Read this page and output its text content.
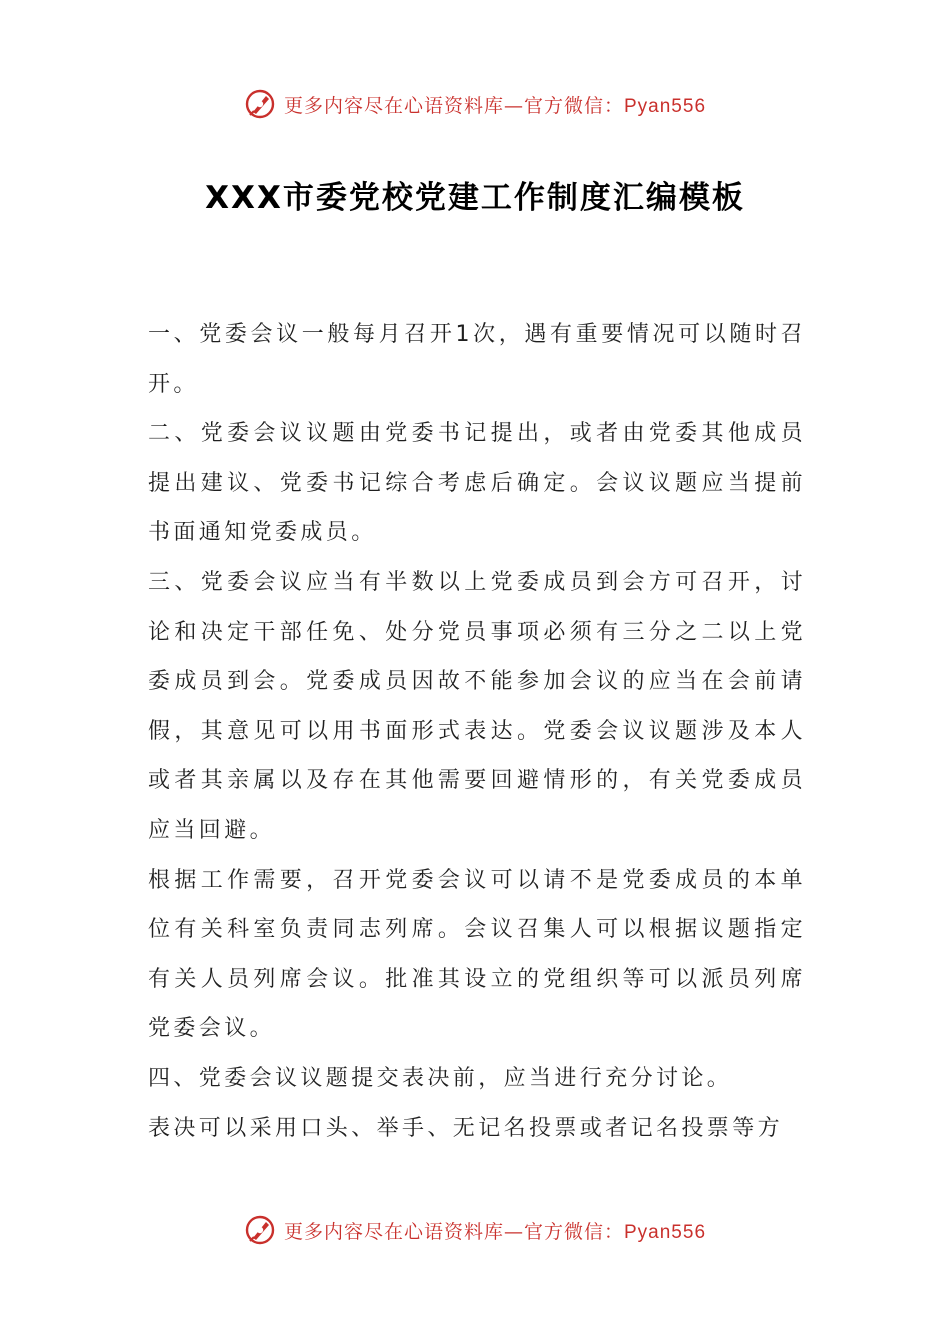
更多内容尽在心语资料库—官方微信：Pyan556
XXX市委党校党建工作制度汇编模板

一、党委会议一般每月召开1次，遇有重要情况可以随时召开。

二、党委会议议题由党委书记提出，或者由党委其他成员提出建议、党委书记综合考虑后确定。会议议题应当提前书面通知党委成员。

三、党委会议应当有半数以上党委成员到会方可召开，讨论和决定干部任免、处分党员事项必须有三分之二以上党委成员到会。党委成员因故不能参加会议的应当在会前请假，其意见可以用书面形式表达。党委会议议题涉及本人或者其亲属以及存在其他需要回避情形的，有关党委成员应当回避。

根据工作需要，召开党委会议可以请不是党委成员的本单位有关科室负责同志列席。会议召集人可以根据议题指定有关人员列席会议。批准其设立的党组织等可以派员列席党委会议。

四、党委会议议题提交表决前，应当进行充分讨论。

表决可以采用口头、举手、无记名投票或者记名投票等方

更多内容尽在心语资料库—官方微信：Pyan556
